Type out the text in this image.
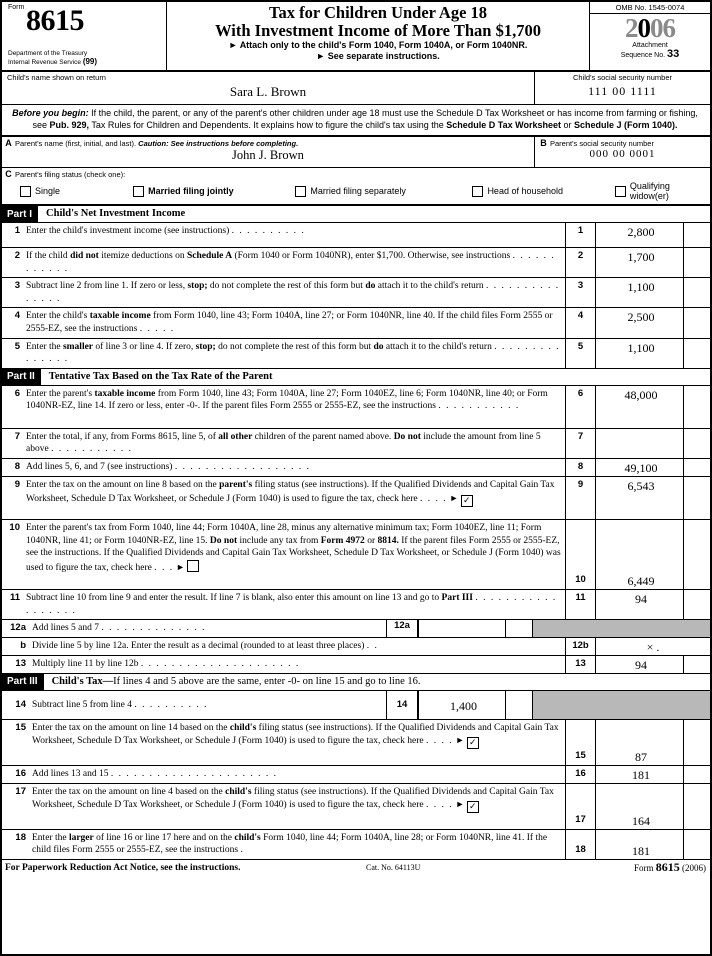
Form 8615
Department of the Treasury
Internal Revenue Service (99)
Tax for Children Under Age 18
With Investment Income of More Than $1,700
► Attach only to the child's Form 1040, Form 1040A, or Form 1040NR.
► See separate instructions.
OMB No. 1545-0074
2006
Attachment
Sequence No. 33
Child's name shown on return
Sara L. Brown
Child's social security number
111 00 1111
Before you begin: If the child, the parent, or any of the parent's other children under age 18 must use the Schedule D Tax Worksheet or has income from farming or fishing, see Pub. 929, Tax Rules for Children and Dependents. It explains how to figure the child's tax using the Schedule D Tax Worksheet or Schedule J (Form 1040).
A Parent's name (first, initial, and last). Caution: See instructions before completing.
John J. Brown
B Parent's social security number
000 00 0001
C Parent's filing status (check one):
Single	Married filing jointly	Married filing separately	Head of household	Qualifying widow(er)
Part I	Child's Net Investment Income
1 Enter the child's investment income (see instructions) . . . . . . . . . .	1	2,800
2 If the child did not itemize deductions on Schedule A (Form 1040 or Form 1040NR), enter $1,700. Otherwise, see instructions . . . . . . . . . . . .
2	1,700
3 Subtract line 2 from line 1. If zero or less, stop; do not complete the rest of this form but do attach it to the child's return . . . . . . . . . . . . . . .
3	1,100
4 Enter the child's taxable income from Form 1040, line 43; Form 1040A, line 27; or Form 1040NR, line 40. If the child files Form 2555 or 2555-EZ, see the instructions . . . . .
4	2,500
5 Enter the smaller of line 3 or line 4. If zero, stop; do not complete the rest of this form but do attach it to the child's return . . . . . . . . . . . . . . .
5	1,100
Part II	Tentative Tax Based on the Tax Rate of the Parent
6 Enter the parent's taxable income from Form 1040, line 43; Form 1040A, line 27; Form 1040EZ, line 6; Form 1040NR, line 40; or Form 1040NR-EZ, line 14. If zero or less, enter -0-. If the parent files Form 2555 or 2555-EZ, see the instructions . . . . . . . . . . .
6	48,000
7 Enter the total, if any, from Forms 8615, line 5, of all other children of the parent named above. Do not include the amount from line 5 above . . . . . . . . . . .
7
8 Add lines 5, 6, and 7 (see instructions) . . . . . . . . . . . . . . . . . .	8	49,100
9 Enter the tax on the amount on line 8 based on the parent's filing status (see instructions). If the Qualified Dividends and Capital Gain Tax Worksheet, Schedule D Tax Worksheet, or Schedule J (Form 1040) is used to figure the tax, check here . . . . ► ✓
9	6,543
10 Enter the parent's tax from Form 1040, line 44; Form 1040A, line 28, minus any alternative minimum tax; Form 1040EZ, line 11; Form 1040NR, line 41; or Form 1040NR-EZ, line 15. Do not include any tax from Form 4972 or 8814. If the parent files Form 2555 or 2555-EZ, see the instructions. If the Qualified Dividends and Capital Gain Tax Worksheet, Schedule D Tax Worksheet, or Schedule J (Form 1040) was used to figure the tax, check here . . . ►
10	6,449
11 Subtract line 10 from line 9 and enter the result. If line 7 is blank, also enter this amount on line 13 and go to Part III . . . . . . . . . . . . . . . . . .
11	94
12a Add lines 5 and 7 . . . . . . . . . . . . . .	12a
b Divide line 5 by line 12a. Enter the result as a decimal (rounded to at least three places) . .	12b	× .
13 Multiply line 11 by line 12b . . . . . . . . . . . . . . . . . . . . .	13	94
Part III	Child's Tax—If lines 4 and 5 above are the same, enter -0- on line 15 and go to line 16.
14 Subtract line 5 from line 4 . . . . . . . . . .	14	1,400
15 Enter the tax on the amount on line 14 based on the child's filing status (see instructions). If the Qualified Dividends and Capital Gain Tax Worksheet, Schedule D Tax Worksheet, or Schedule J (Form 1040) is used to figure the tax, check here . . . . ► ✓
15	87
16 Add lines 13 and 15 . . . . . . . . . . . . . . . . . . . . . .	16	181
17 Enter the tax on the amount on line 4 based on the child's filing status (see instructions). If the Qualified Dividends and Capital Gain Tax Worksheet, Schedule D Tax Worksheet, or Schedule J (Form 1040) is used to figure the tax, check here . . . . ► ✓
17	164
18 Enter the larger of line 16 or line 17 here and on the child's Form 1040, line 44; Form 1040A, line 28; or Form 1040NR, line 41. If the child files Form 2555 or 2555-EZ, see the instructions .	18	181
For Paperwork Reduction Act Notice, see the instructions.	Cat. No. 64113U	Form 8615 (2006)
